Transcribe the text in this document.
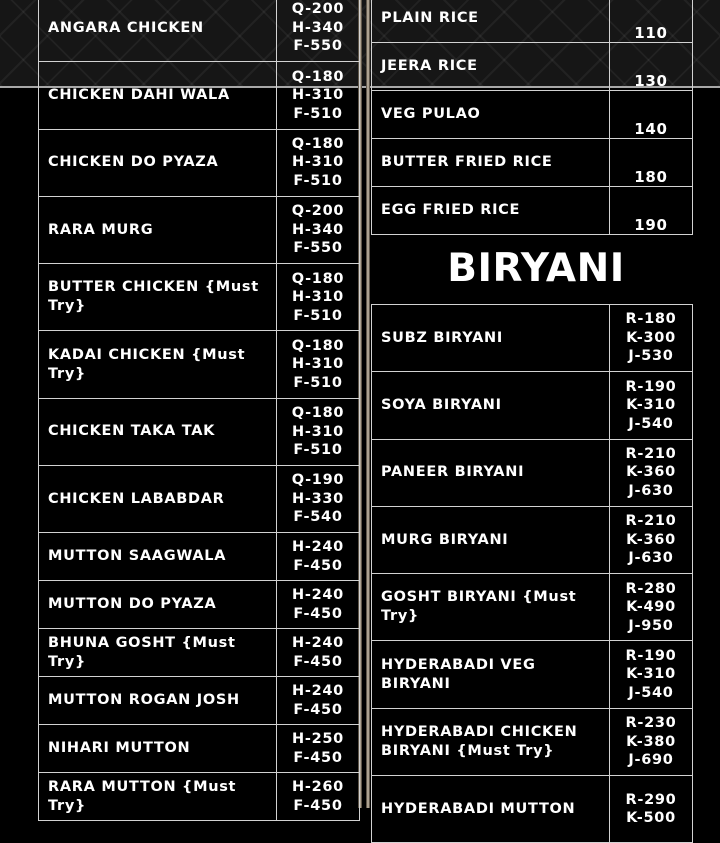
ANGARA CHICKEN	Q-200
H-340
F-550

CHICKEN DAHI WALA	Q-180
H-310
F-510

CHICKEN DO PYAZA	Q-180
H-310
F-510

RARA MURG	Q-200
H-340
F-550

BUTTER CHICKEN {Must Try}	Q-180
H-310
F-510

KADAI CHICKEN {Must Try}	Q-180
H-310
F-510

CHICKEN TAKA TAK	Q-180
H-310
F-510

CHICKEN LABABDAR	Q-190
H-330
F-540

MUTTON SAAGWALA	H-240
F-450

MUTTON DO PYAZA	H-240
F-450

BHUNA GOSHT {Must Try}	H-240
F-450

MUTTON ROGAN JOSH	H-240
F-450

NIHARI MUTTON	H-250
F-450

RARA MUTTON {Must Try}	H-260
F-450
PLAIN RICE	110

JEERA RICE	130

VEG PULAO	140

BUTTER FRIED RICE	180

EGG FRIED RICE	190
BIRYANI
SUBZ BIRYANI	R-180
K-300
J-530

SOYA BIRYANI	R-190
K-310
J-540

PANEER BIRYANI	R-210
K-360
J-630

MURG BIRYANI	R-210
K-360
J-630

GOSHT BIRYANI {Must Try}	R-280
K-490
J-950

HYDERABADI VEG BIRYANI	R-190
K-310
J-540

HYDERABADI CHICKEN BIRYANI {Must Try}	R-230
K-380
J-690

HYDERABADI MUTTON	R-290
K-500
